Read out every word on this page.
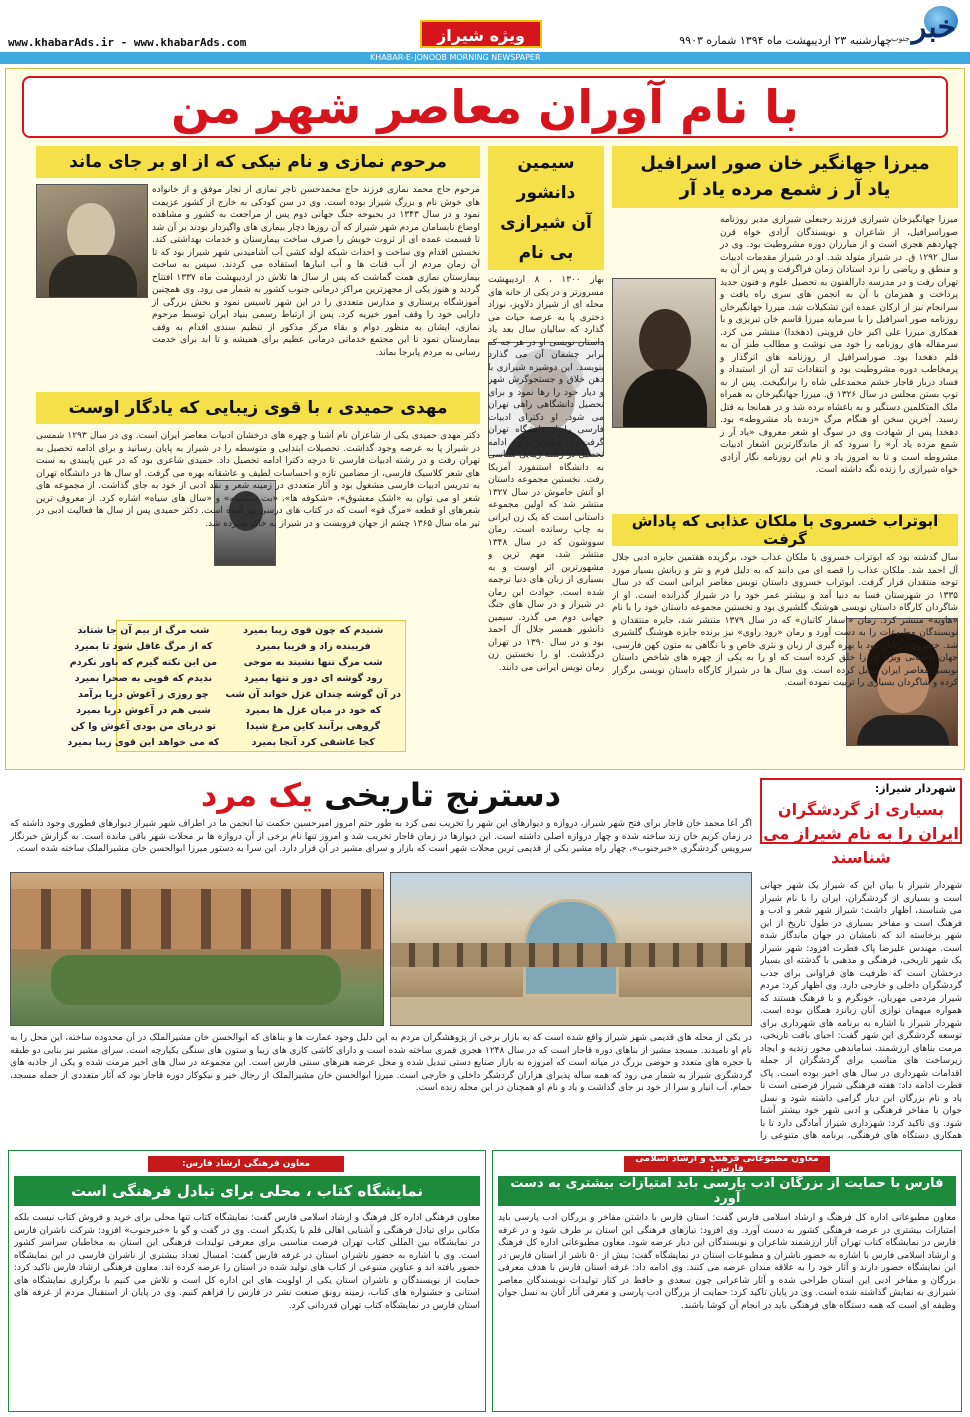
خبر
جنوب
چهارشنبه ۲۳ اردیبهشت ماه ۱۳۹۴ شماره ۹۹۰۳
ویژه شیراز
www.khabarAds.ir - www.khabarAds.com
KHABAR-E-JONOOB MORNING NEWSPAPER
با نام آوران معاصر شهر من
میرزا جهانگیر خان صور اسرافیل
یاد آر ز شمع مرده یاد آر
میرزا جهانگیرخان شیرازی فرزند رجبعلی شیرازی مدیر روزنامه صوراسرافیل، از شاعران و نویسندگان آزادی خواه قرن چهاردهم هجری است و از مبارزان دوره مشروطیت بود. وی در سال ۱۲۹۲ ق. در شیراز متولد شد. او در شیراز مقدمات ادبیات و منطق و ریاضی را نزد استادان زمان فراگرفت و پس از آن به تهران رفت و در مدرسه دارالفنون به تحصیل علوم و فنون جدید پرداخت و همزمان با آن به انجمن های سری راه یافت و سرانجام نیز از ارکان عمده این تشکیلات شد. میرزا جهانگیرخان روزنامه صور اسرافیل را با سرمایه میرزا قاسم خان تبریزی و با همکاری میرزا علی اکبر خان قزوینی (دهخدا) منتشر می کرد. سرمقاله های روزنامه را خود می نوشت و مطالب طنز آن به قلم دهخدا بود. صوراسرافیل از روزنامه های اثرگذار و پرمخاطب دوره مشروطیت بود و انتقادات تند آن از استبداد و فساد دربار قاجار خشم محمدعلی شاه را برانگیخت. پس از به توپ بستن مجلس در سال ۱۳۲۶ ق. میرزا جهانگیرخان به همراه ملک المتکلمین دستگیر و به باغشاه برده شد و در همانجا به قتل رسید. آخرین سخن او هنگام مرگ «زنده باد مشروطه» بود. دهخدا پس از شهادت وی در سوگ او شعر معروف «یاد آر ز شمع مرده یاد آر» را سرود که از ماندگارترین اشعار ادبیات مشروطه است و تا به امروز یاد و نام این روزنامه نگار آزادی خواه شیرازی را زنده نگه داشته است.
سیمین دانشور
آن شیرازی
بی نام
بهار ۱۳۰۰ ، ۸ اردیبهشت مسرورتر و در یکی از خانه های محله ای از شیراز دلاویز، نوزاد دختری پا به عرصه حیات می گذارد که سالیان سال بعد یاد داستان نویسی او در هر جه که برابر چشمان آن می گذارد بنویسد. این دوشیزه شیرازی با ذهن خلاق و جستجوگرش شهر و دیار خود را رها نمود و برای تحصیل دانشگاهی راهی تهران می شود. او دکترای ادبیات فارسی را از دانشگاه تهران گرفت و سپس برای ادامه تحصیل در رشته زیبایی شناسی به دانشگاه استنفورد آمریکا رفت. نخستین مجموعه داستان او آتش خاموش در سال ۱۳۲۷ منتشر شد که اولین مجموعه داستانی است که یک زن ایرانی به چاپ رسانده است. رمان سووشون که در سال ۱۳۴۸ منتشر شد، مهم ترین و مشهورترین اثر اوست و به بسیاری از زبان های دنیا ترجمه شده است. حوادث این رمان در شیراز و در سال های جنگ جهانی دوم می گذرد. سیمین دانشور همسر جلال آل احمد بود و در سال ۱۳۹۰ در تهران درگذشت. او را نخستین زن رمان نویس ایرانی می دانند.
مرحوم نمازی و نام نیکی که از او بر جای ماند
مرحوم حاج محمد نمازی فرزند حاج محمدحسن تاجر نمازی از تجار موفق و از خانواده های خوش نام و بزرگ شیراز بوده است. وی در سن کودکی به خارج از کشور عزیمت نمود و در سال ۱۳۴۳ در بحبوحه جنگ جهانی دوم پس از مراجعت به کشور و مشاهده اوضاع نابسامان مردم شهر شیراز که آن روزها دچار بیماری های واگیردار بودند بر آن شد تا قسمت عمده ای از ثروت خویش را صرف ساخت بیمارستان و خدمات بهداشتی کند. نخستین اقدام وی ساخت و احداث شبکه لوله کشی آب آشامیدنی شهر شیراز بود که تا آن زمان مردم از آب قنات ها و آب انبارها استفاده می کردند. سپس به ساخت بیمارستان نمازی همت گماشت که پس از سال ها تلاش در اردیبهشت ماه ۱۳۳۷ افتتاح گردید و هنوز یکی از مجهزترین مراکز درمانی جنوب کشور به شمار می رود. وی همچنین آموزشگاه پرستاری و مدارس متعددی را در این شهر تاسیس نمود و بخش بزرگی از دارایی خود را وقف امور خیریه کرد. پس از ارتباط رسمی بنیاد ایران توسط مرحوم نمازی، ایشان به منظور دوام و بقاء مرکز مذکور از تنظیم سندی اقدام به وقف بیمارستان نمود تا این مجتمع خدماتی درمانی عظیم برای همیشه و تا ابد برای خدمت رسانی به مردم پابرجا بماند.
مهدی حمیدی ، با قوی زیبایی که یادگار اوست
دکتر مهدی حمیدی یکی از شاعران نام آشنا و چهره های درخشان ادبیات معاصر ایران است. وی در سال ۱۲۹۳ شمسی در شیراز پا به عرصه وجود گذاشت. تحصیلات ابتدایی و متوسطه را در شیراز به پایان رسانید و برای ادامه تحصیل به تهران رفت و در رشته ادبیات فارسی تا درجه دکترا ادامه تحصیل داد. حمیدی شاعری بود که در عین پایبندی به سنت های شعر کلاسیک فارسی، از مضامین تازه و احساسات لطیف و عاشقانه بهره می گرفت. او سال ها در دانشگاه تهران به تدریس ادبیات فارسی مشغول بود و آثار متعددی در زمینه شعر و نقد ادبی از خود به جای گذاشت. از مجموعه های شعر او می توان به «اشک معشوق»، «شکوفه ها»، «بت شکسته» و «سال های سیاه» اشاره کرد. از معروف ترین شعرهای او قطعه «مرگ قو» است که در کتاب های درسی نیز آمده است. دکتر حمیدی پس از سال ها فعالیت ادبی در تیر ماه سال ۱۳۶۵ چشم از جهان فروبست و در شیراز به خاک سپرده شد.
شنیدم که چون قوی زیبا بمیرد
فریبنده زاد و فریبا بمیرد
شب مرگ تنها نشیند به موجی
رود گوشه ای دور و تنها بمیرد
در آن گوشه چندان غزل خواند آن شب
که خود در میان غزل ها بمیرد
گروهی برآنند کاین مرغ شیدا
کجا عاشقی کرد آنجا بمیرد
شب مرگ از بیم آن جا شتابد
که از مرگ غافل شود تا بمیرد
من این نکته گیرم که باور نکردم
ندیدم که قویی به صحرا بمیرد
چو روزی ز آغوش دریا برآمد
شبی هم در آغوش دریا بمیرد
تو دریای من بودی آغوش وا کن
که می خواهد این قوی زیبا بمیرد
ابوتراب خسروی با ملکان عذابی که پاداش گرفت
سال گذشته بود که ابوتراب خسروی با ملکان عذاب خود، برگزیده هفتمین جایزه ادبی جلال آل احمد شد. ملکان عذاب را قصه ای می دانند که به دلیل فرم و نثر و زبانش بسیار مورد توجه منتقدان قرار گرفت. ابوتراب خسروی داستان نویس معاصر ایرانی است که در سال ۱۳۳۵ در شهرستان فسا به دنیا آمد و بیشتر عمر خود را در شیراز گذرانده است. او از شاگردان کارگاه داستان نویسی هوشنگ گلشیری بود و نخستین مجموعه داستان خود را با نام «هاویه» منتشر کرد. رمان «اسفار کاتبان» که در سال ۱۳۷۹ منتشر شد، جایزه منتقدان و نویسندگان مطبوعات را به دست آورد و رمان «رود راوی» نیز برنده جایزه هوشنگ گلشیری شد. خسروی در آثار خود با بهره گیری از زبان و نثری خاص و با نگاهی به متون کهن فارسی، جهان داستانی ویژه ای را خلق کرده است که او را به یکی از چهره های شاخص داستان نویسی معاصر ایران تبدیل کرده است. وی سال ها در شیراز کارگاه داستان نویسی برگزار کرده و شاگردان بسیاری را تربیت نموده است.
شهردار شیراز:
بسیاری از گردشگران ایران را به نام شیراز می شناسند
شهردار شیراز با بیان این که شیراز یک شهر جهانی است و بسیاری از گردشگران، ایران را با نام شیراز می شناسند، اظهار داشت: شیراز شهر شعر و ادب و فرهنگ است و مفاخر بسیاری در طول تاریخ از این شهر برخاسته اند که نامشان در جهان ماندگار شده است. مهندس علیرضا پاک فطرت افزود: شهر شیراز یک شهر تاریخی، فرهنگی و مذهبی با گذشته ای بسیار درخشان است که ظرفیت های فراوانی برای جذب گردشگران داخلی و خارجی دارد. وی اظهار کرد: مردم شیراز مردمی مهربان، خونگرم و با فرهنگ هستند که همواره میهمان نوازی آنان زبانزد همگان بوده است. شهردار شیراز با اشاره به برنامه های شهرداری برای توسعه گردشگری این شهر گفت: احیای بافت تاریخی، مرمت بناهای ارزشمند، ساماندهی محور زندیه و ایجاد زیرساخت های مناسب برای گردشگران از جمله اقدامات شهرداری در سال های اخیر بوده است. پاک فطرت ادامه داد: هفته فرهنگی شیراز فرصتی است تا یاد و نام بزرگان این دیار گرامی داشته شود و نسل جوان با مفاخر فرهنگی و ادبی شهر خود بیشتر آشنا شود. وی تاکید کرد: شهرداری شیراز آمادگی دارد تا با همکاری دستگاه های فرهنگی، برنامه های متنوعی را
دسترنج تاریخی یک مرد
اگر آغا محمد خان قاجار برای فتح شهر شیراز، دروازه و دیوارهای این شهر را تخریب نمی کرد به طور حتم امروز امیرحسین حکمت تبا انجمن ما در اطراف شهر شیراز دیوارهای قطوری وجود داشته که در زمان کریم خان زند ساخته شده و چهار دروازه اصلی داشته است. این دیوارها در زمان قاجار تخریب شد و امروز تنها نام برخی از آن دروازه ها بر محلات شهر باقی مانده است. به گزارش خبرنگار سرویس گردشگری «خبرجنوب»، چهار راه مشیر یکی از قدیمی ترین محلات شهر است که بازار و سرای مشیر در آن قرار دارد. این سرا به دستور میرزا ابوالحسن خان مشیرالملک ساخته شده است.
در یکی از محله های قدیمی شهر شیراز واقع شده است که به بازار برخی از پژوهشگران مردم به این دلیل وجود عمارت ها و بناهای که ابوالحسن خان مشیرالملک در آن محدوده ساخته، این محل را به نام او نامیدند. مسجد مشیر از بناهای دوره قاجار است که در سال ۱۲۴۸ هجری قمری ساخته شده است و دارای کاشی کاری های زیبا و ستون های سنگی یکپارچه است. سرای مشیر نیز بنایی دو طبقه با حجره های متعدد و حوضی بزرگ در میانه است که امروزه به بازار صنایع دستی تبدیل شده و محل عرضه هنرهای سنتی فارس است. این مجموعه در سال های اخیر مرمت شده و یکی از جاذبه های گردشگری شیراز به شمار می رود که همه ساله پذیرای هزاران گردشگر داخلی و خارجی است. میرزا ابوالحسن خان مشیرالملک از رجال خیر و نیکوکار دوره قاجار بود که آثار متعددی از جمله مسجد، حمام، آب انبار و سرا از خود بر جای گذاشت و یاد و نام او همچنان در این محله زنده است.
معاون فرهنگی ارشاد فارس:
نمایشگاه کتاب ، محلی برای تبادل فرهنگی است
معاون فرهنگی اداره کل فرهنگ و ارشاد اسلامی فارس گفت: نمایشگاه کتاب تنها محلی برای خرید و فروش کتاب نیست بلکه مکانی برای تبادل فرهنگی و آشنایی اهالی قلم با یکدیگر است. وی در گفت و گو با «خبرجنوب» افزود: شرکت ناشران فارس در نمایشگاه بین المللی کتاب تهران فرصت مناسبی برای معرفی تولیدات فرهنگی این استان به مخاطبان سراسر کشور است. وی با اشاره به حضور ناشران استان در غرفه فارس گفت: امسال تعداد بیشتری از ناشران فارسی در این نمایشگاه حضور یافته اند و عناوین متنوعی از کتاب های تولید شده در استان را عرضه کرده اند. معاون فرهنگی ارشاد فارس تاکید کرد: حمایت از نویسندگان و ناشران استان یکی از اولویت های این اداره کل است و تلاش می کنیم با برگزاری نمایشگاه های استانی و جشنواره های کتاب، زمینه رونق صنعت نشر در فارس را فراهم کنیم. وی در پایان از استقبال مردم از غرفه های استان فارس در نمایشگاه کتاب تهران قدردانی کرد.
معاون مطبوعاتی فرهنگ و ارشاد اسلامی فارس :
فارس با حمایت از بزرگان ادب پارسی باید امتیازات بیشتری به دست آورد
معاون مطبوعاتی اداره کل فرهنگ و ارشاد اسلامی فارس گفت: استان فارس با داشتن مفاخر و بزرگان ادب پارسی باید امتیازات بیشتری در عرصه فرهنگی کشور به دست آورد. وی افزود: نیازهای فرهنگی این استان بر طرف شود و در غرفه فارس در نمایشگاه کتاب تهران آثار ارزشمند شاعران و نویسندگان این دیار عرضه شود. معاون مطبوعاتی اداره کل فرهنگ و ارشاد اسلامی فارس با اشاره به حضور ناشران و مطبوعات استان در نمایشگاه گفت: بیش از ۵۰ ناشر از استان فارس در این نمایشگاه حضور دارند و آثار خود را به علاقه مندان عرضه می کنند. وی ادامه داد: غرفه استان فارس با هدف معرفی بزرگان و مفاخر ادبی این استان طراحی شده و آثار شاعرانی چون سعدی و حافظ در کنار تولیدات نویسندگان معاصر شیرازی به نمایش گذاشته شده است. وی در پایان تاکید کرد: حمایت از بزرگان ادب پارسی و معرفی آثار آنان به نسل جوان وظیفه ای است که همه دستگاه های فرهنگی باید در انجام آن کوشا باشند.
